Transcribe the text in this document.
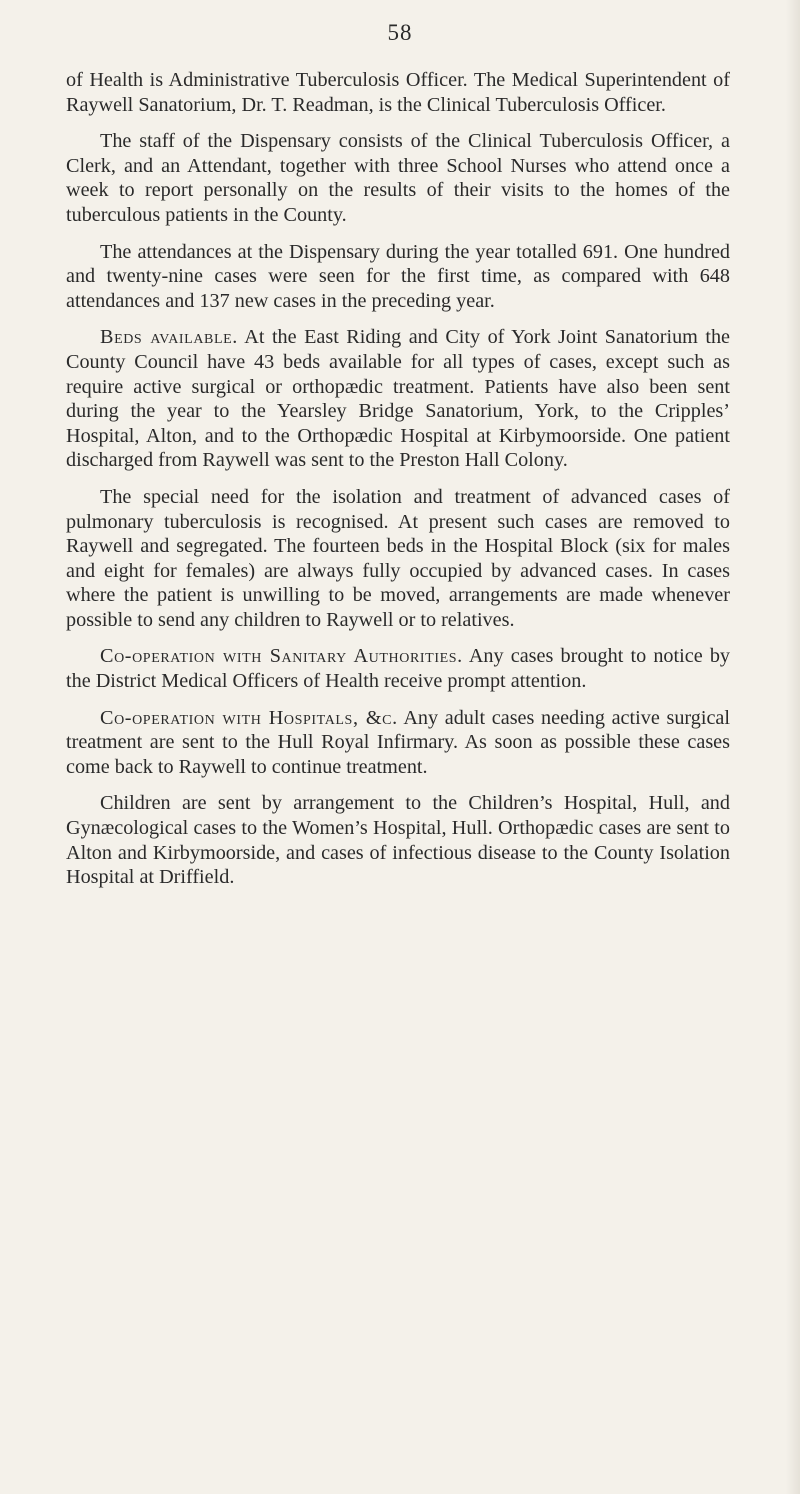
58

of Health is Administrative Tuberculosis Officer. The Medical Superintendent of Raywell Sanatorium, Dr. T. Readman, is the Clinical Tuberculosis Officer.

The staff of the Dispensary consists of the Clinical Tuberculosis Officer, a Clerk, and an Attendant, together with three School Nurses who attend once a week to report personally on the results of their visits to the homes of the tuberculous patients in the County.

The attendances at the Dispensary during the year totalled 691. One hundred and twenty-nine cases were seen for the first time, as compared with 648 attendances and 137 new cases in the preceding year.

Beds available. At the East Riding and City of York Joint Sanatorium the County Council have 43 beds available for all types of cases, except such as require active surgical or orthopædic treatment. Patients have also been sent during the year to the Yearsley Bridge Sanatorium, York, to the Cripples’ Hospital, Alton, and to the Orthopædic Hospital at Kirbymoorside. One patient discharged from Raywell was sent to the Preston Hall Colony.

The special need for the isolation and treatment of advanced cases of pulmonary tuberculosis is recognised. At present such cases are removed to Raywell and segregated. The fourteen beds in the Hospital Block (six for males and eight for females) are always fully occupied by advanced cases. In cases where the patient is unwilling to be moved, arrangements are made whenever possible to send any children to Raywell or to relatives.

Co-operation with Sanitary Authorities. Any cases brought to notice by the District Medical Officers of Health receive prompt attention.

Co-operation with Hospitals, &c. Any adult cases needing active surgical treatment are sent to the Hull Royal Infirmary. As soon as possible these cases come back to Raywell to continue treatment.

Children are sent by arrangement to the Children’s Hospital, Hull, and Gynæcological cases to the Women’s Hospital, Hull. Orthopædic cases are sent to Alton and Kirbymoorside, and cases of infectious disease to the County Isolation Hospital at Driffield.
